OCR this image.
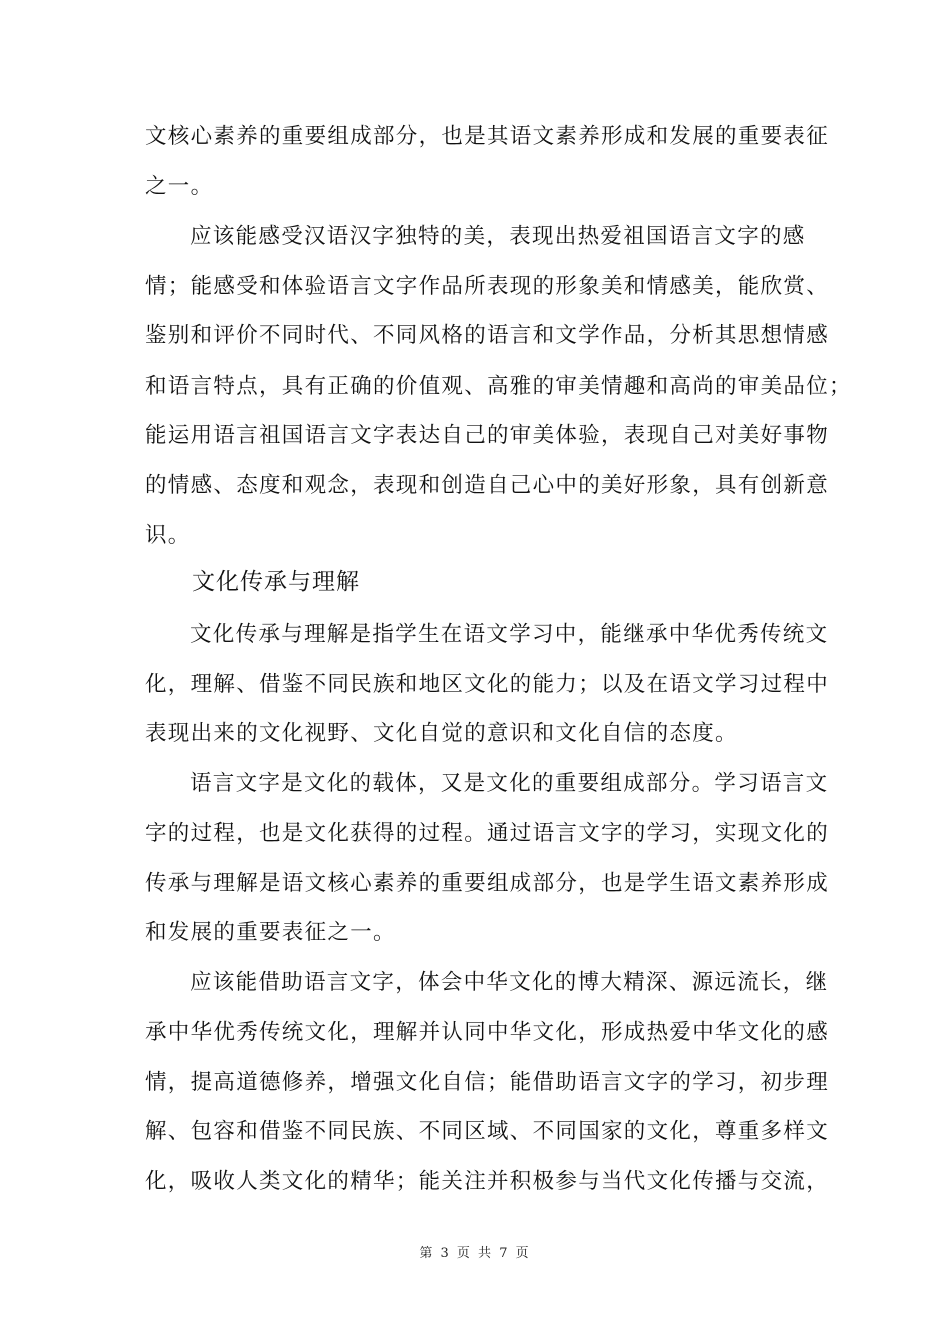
文核心素养的重要组成部分，也是其语文素养形成和发展的重要表征
之一。
应该能感受汉语汉字独特的美，表现出热爱祖国语言文字的感
情；能感受和体验语言文字作品所表现的形象美和情感美，能欣赏、
鉴别和评价不同时代、不同风格的语言和文学作品，分析其思想情感
和语言特点，具有正确的价值观、高雅的审美情趣和高尚的审美品位；
能运用语言祖国语言文字表达自己的审美体验，表现自己对美好事物
的情感、态度和观念，表现和创造自己心中的美好形象，具有创新意
识。
文化传承与理解
文化传承与理解是指学生在语文学习中，能继承中华优秀传统文
化，理解、借鉴不同民族和地区文化的能力；以及在语文学习过程中
表现出来的文化视野、文化自觉的意识和文化自信的态度。
语言文字是文化的载体，又是文化的重要组成部分。学习语言文
字的过程，也是文化获得的过程。通过语言文字的学习，实现文化的
传承与理解是语文核心素养的重要组成部分，也是学生语文素养形成
和发展的重要表征之一。
应该能借助语言文字，体会中华文化的博大精深、源远流长，继
承中华优秀传统文化，理解并认同中华文化，形成热爱中华文化的感
情，提高道德修养，增强文化自信；能借助语言文字的学习，初步理
解、包容和借鉴不同民族、不同区域、不同国家的文化，尊重多样文
化，吸收人类文化的精华；能关注并积极参与当代文化传播与交流，
第 3 页 共 7 页
